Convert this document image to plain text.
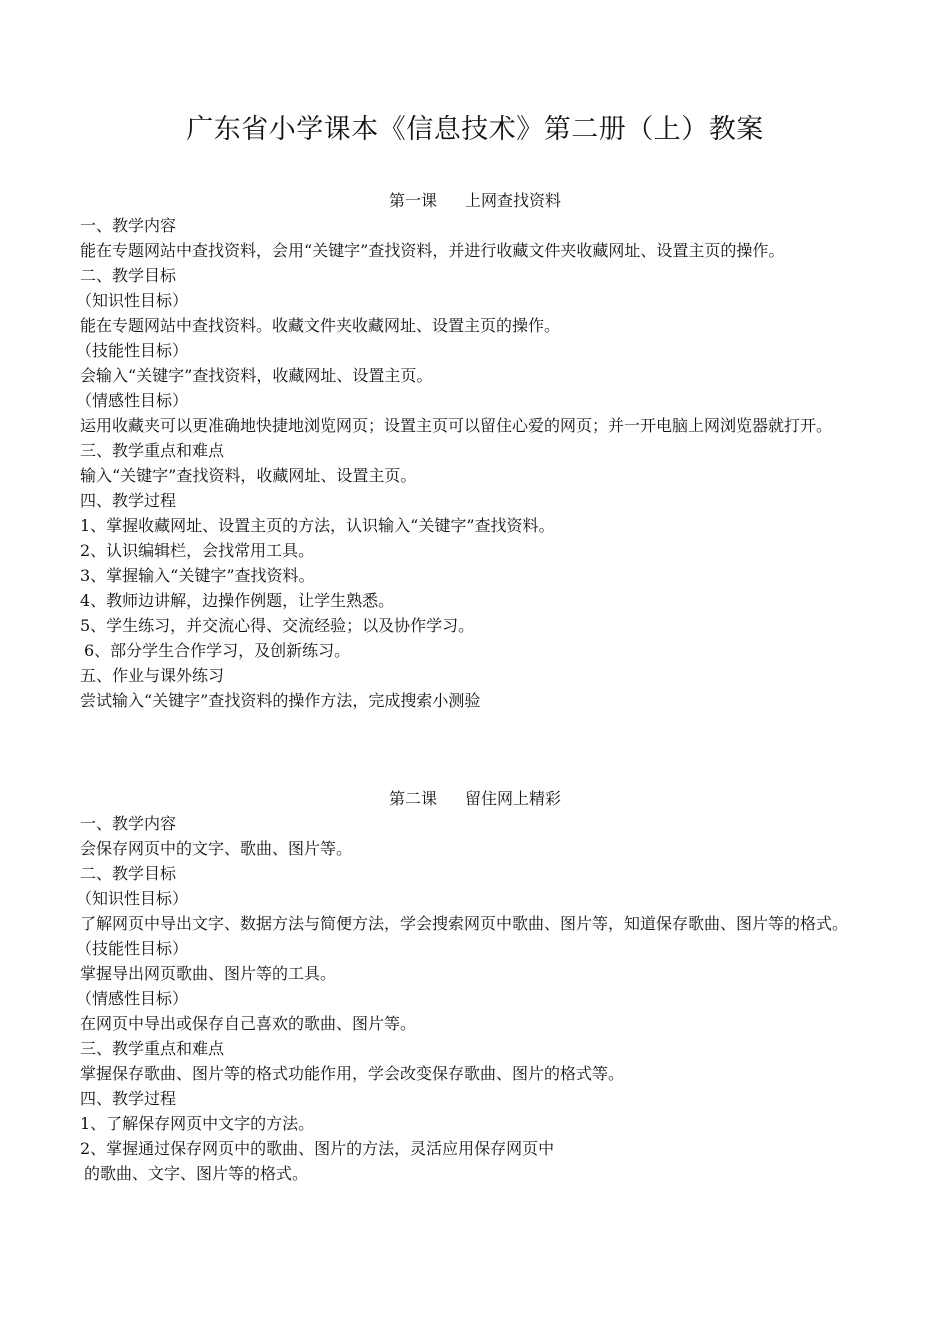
广东省小学课本《信息技术》第二册（上）教案

第一课 上网查找资料

一、教学内容

能在专题网站中查找资料，会用“关键字”查找资料，并进行收藏文件夹收藏网址、设置主页的操作。

二、教学目标

（知识性目标）

能在专题网站中查找资料。收藏文件夹收藏网址、设置主页的操作。

（技能性目标）

会输入“关键字”查找资料，收藏网址、设置主页。

（情感性目标）

运用收藏夹可以更准确地快捷地浏览网页；设置主页可以留住心爱的网页；并一开电脑上网浏览器就打开。

三、教学重点和难点

输入“关键字”查找资料，收藏网址、设置主页。

四、教学过程

1、掌握收藏网址、设置主页的方法，认识输入“关键字”查找资料。

2、认识编辑栏，会找常用工具。

3、掌握输入“关键字”查找资料。

4、教师边讲解，边操作例题，让学生熟悉。

5、学生练习，并交流心得、交流经验；以及协作学习。

6、部分学生合作学习，及创新练习。

五、作业与课外练习

尝试输入“关键字”查找资料的操作方法，完成搜索小测验

第二课 留住网上精彩

一、教学内容

会保存网页中的文字、歌曲、图片等。

二、教学目标

（知识性目标）

了解网页中导出文字、数据方法与简便方法，学会搜索网页中歌曲、图片等，知道保存歌曲、图片等的格式。

（技能性目标）

掌握导出网页歌曲、图片等的工具。

（情感性目标）

在网页中导出或保存自己喜欢的歌曲、图片等。

三、教学重点和难点

掌握保存歌曲、图片等的格式功能作用，学会改变保存歌曲、图片的格式等。

四、教学过程

1、了解保存网页中文字的方法。

2、掌握通过保存网页中的歌曲、图片的方法，灵活应用保存网页中

的歌曲、文字、图片等的格式。
